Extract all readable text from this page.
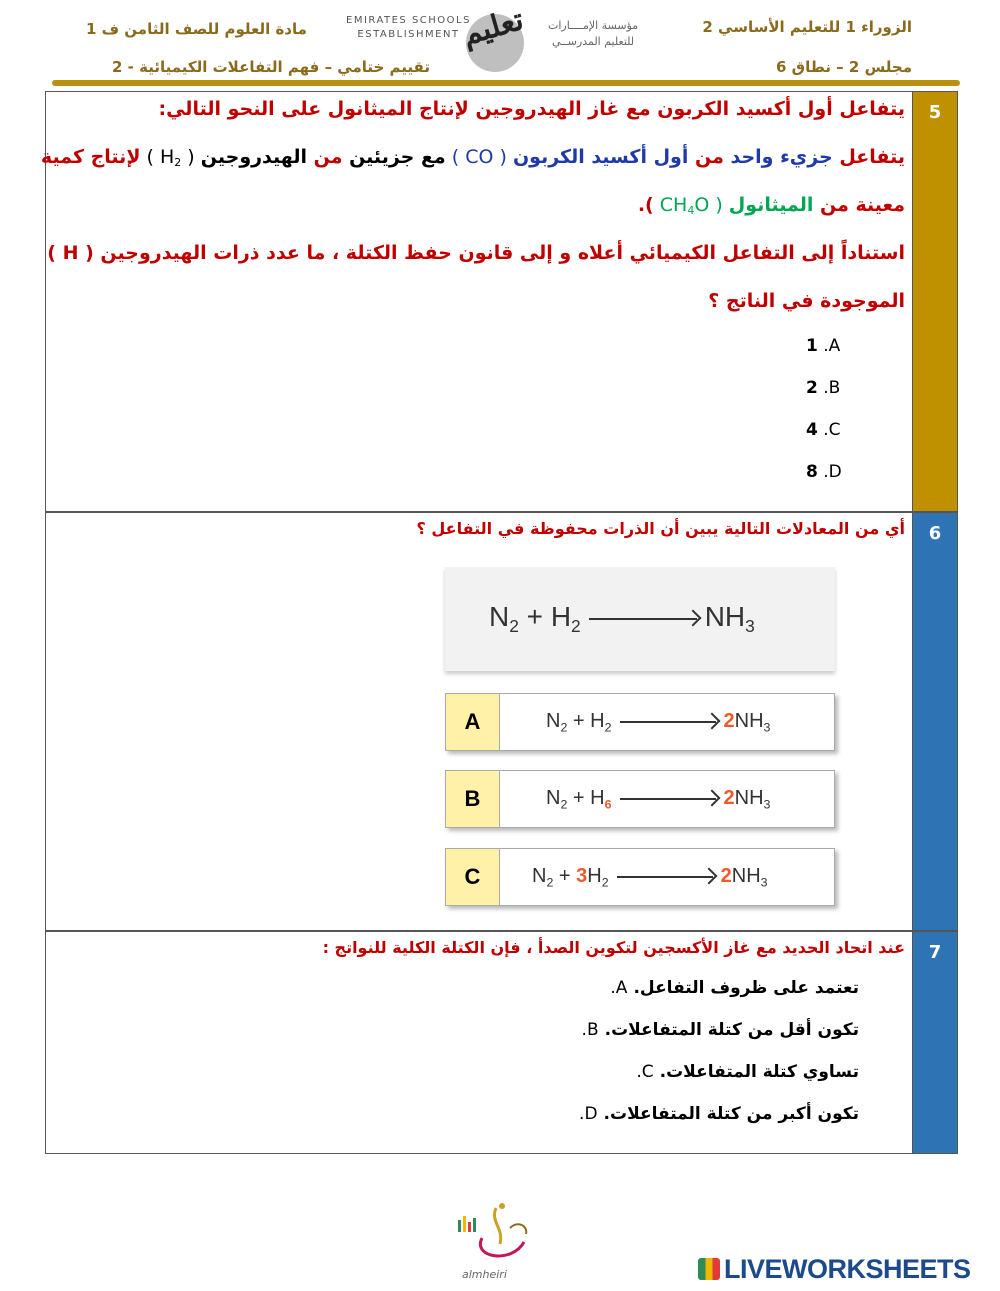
الزوراء 1 للتعليم الأساسي 2
مجلس 2 – نطاق 6
مادة العلوم للصف الثامن ف 1
تقييم ختامي – فهم التفاعلات الكيميائية - 2
EMIRATES SCHOOLS
ESTABLISHMENT
تعليم مؤسسة الإمــــارات
للتعليم المدرســي
5
يتفاعل أول أكسيد الكربون مع غاز الهيدروجين لإنتاج الميثانول على النحو التالي:
يتفاعل جزيء واحد من أول أكسيد الكربون ( CO ) مع جزيئين من الهيدروجين ( $H_2$ ) لإنتاج كمية
معينة من الميثانول ( $CH_4O$ ).
استناداً إلى التفاعل الكيميائي أعلاه و إلى قانون حفظ الكتلة ، ما عدد ذرات الهيدروجين ( H )
الموجودة في الناتج ؟
1 .A
2 .B
4 .C
8 .D
6
أي من المعادلات التالية يبين أن الذرات محفوظة في التفاعل ؟
$N_2 + H_2$	$NH_3$
A	$N_2 + H_2$	$2NH_3$
B	$N_2 + H_6$	$2NH_3$
C	$N_2 + 3H_2$	$2NH_3$
7
عند اتحاد الحديد مع غاز الأكسجين لتكوين الصدأ ، فإن الكتلة الكلية للنواتج :
تعتمد على ظروف التفاعل.A.
تكون أقل من كتلة المتفاعلات.B.
تساوي كتلة المتفاعلات.C.
تكون أكبر من كتلة المتفاعلات.D.
almheiri	LIVEWORKSHEETS
